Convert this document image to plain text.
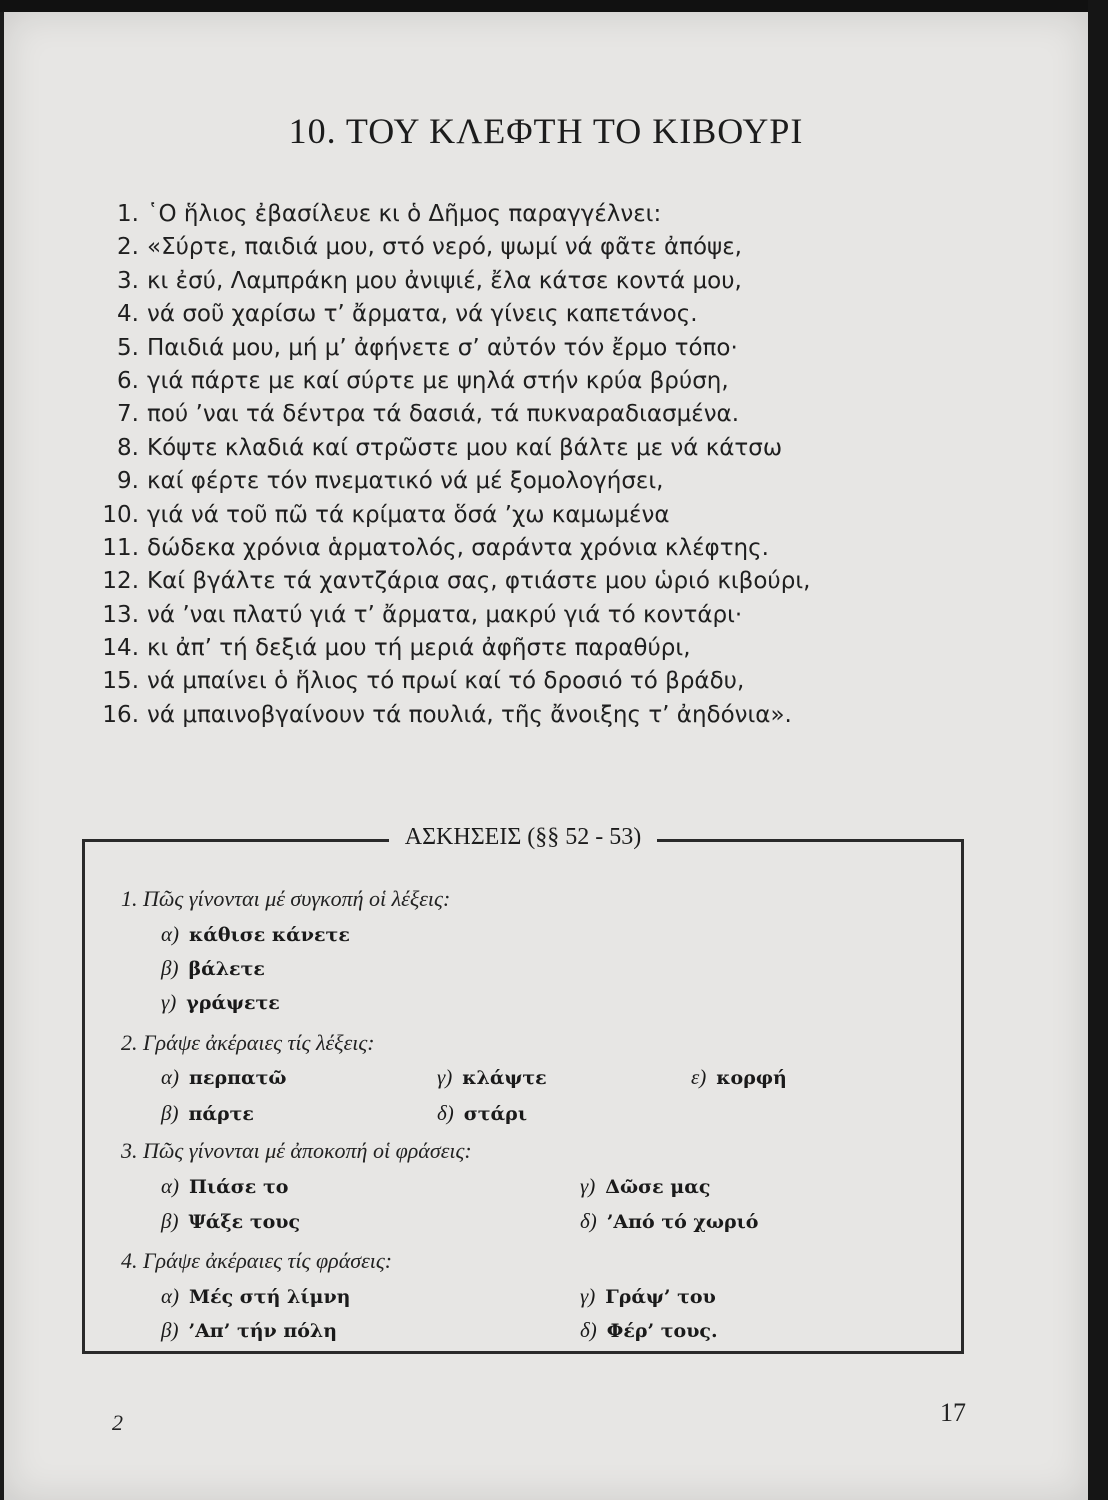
10. ΤΟΥ ΚΛΕΦΤΗ ΤΟ ΚΙΒΟΥΡΙ
1. ῾Ο ἥλιος ἐβασίλευε κι ὁ Δῆμος παραγγέλνει:
2. «Σύρτε, παιδιά μου, στό νερό, ψωμί νά φᾶτε ἀπόψε,
3. κι ἐσύ, Λαμπράκη μου ἀνιψιέ, ἔλα κάτσε κοντά μου,
4. νά σοῦ χαρίσω τ’ ἄρματα, νά γίνεις καπετάνος.
5. Παιδιά μου, μή μ’ ἀφήνετε σ’ αὐτόν τόν ἔρμο τόπο·
6. γιά πάρτε με καί σύρτε με ψηλά στήν κρύα βρύση,
7. πού ’ναι τά δέντρα τά δασιά, τά πυκναραδιασμένα.
8. Κόψτε κλαδιά καί στρῶστε μου καί βάλτε με νά κάτσω
9. καί φέρτε τόν πνεματικό νά μέ ξομολογήσει,
10. γιά νά τοῦ πῶ τά κρίματα ὅσά ’χω καμωμένα
11. δώδεκα χρόνια ἁρματολός, σαράντα χρόνια κλέφτης.
12. Καί βγάλτε τά χαντζάρια σας, φτιάστε μου ὡριό κιβούρι,
13. νά ’ναι πλατύ γιά τ’ ἄρματα, μακρύ γιά τό κοντάρι·
14. κι ἀπ’ τή δεξιά μου τή μεριά ἀφῆστε παραθύρι,
15. νά μπαίνει ὁ ἥλιος τό πρωί καί τό δροσιό τό βράδυ,
16. νά μπαινοβγαίνουν τά πουλιά, τῆς ἄνοιξης τ’ ἀηδόνια».
ΑΣΚΗΣΕΙΣ (§§ 52 - 53)
1. Πῶς γίνονται μέ συγκοπή οἱ λέξεις:
α) κάθισε κάνετε
β) βάλετε
γ) γράψετε
2. Γράψε ἀκέραιες τίς λέξεις:
α) περπατῶ
β) πάρτε
γ) κλάψτε
δ) στάρι
ε) κορφή
3. Πῶς γίνονται μέ ἀποκοπή οἱ φράσεις:
α) Πιάσε το
β) Ψάξε τους
γ) Δῶσε μας
δ) ’Από τό χωριό
4. Γράψε ἀκέραιες τίς φράσεις:
α) Μές στή λίμνη
β) ’Απ’ τήν πόλη
γ) Γράψ’ του
δ) Φέρ’ τους.
2	17
